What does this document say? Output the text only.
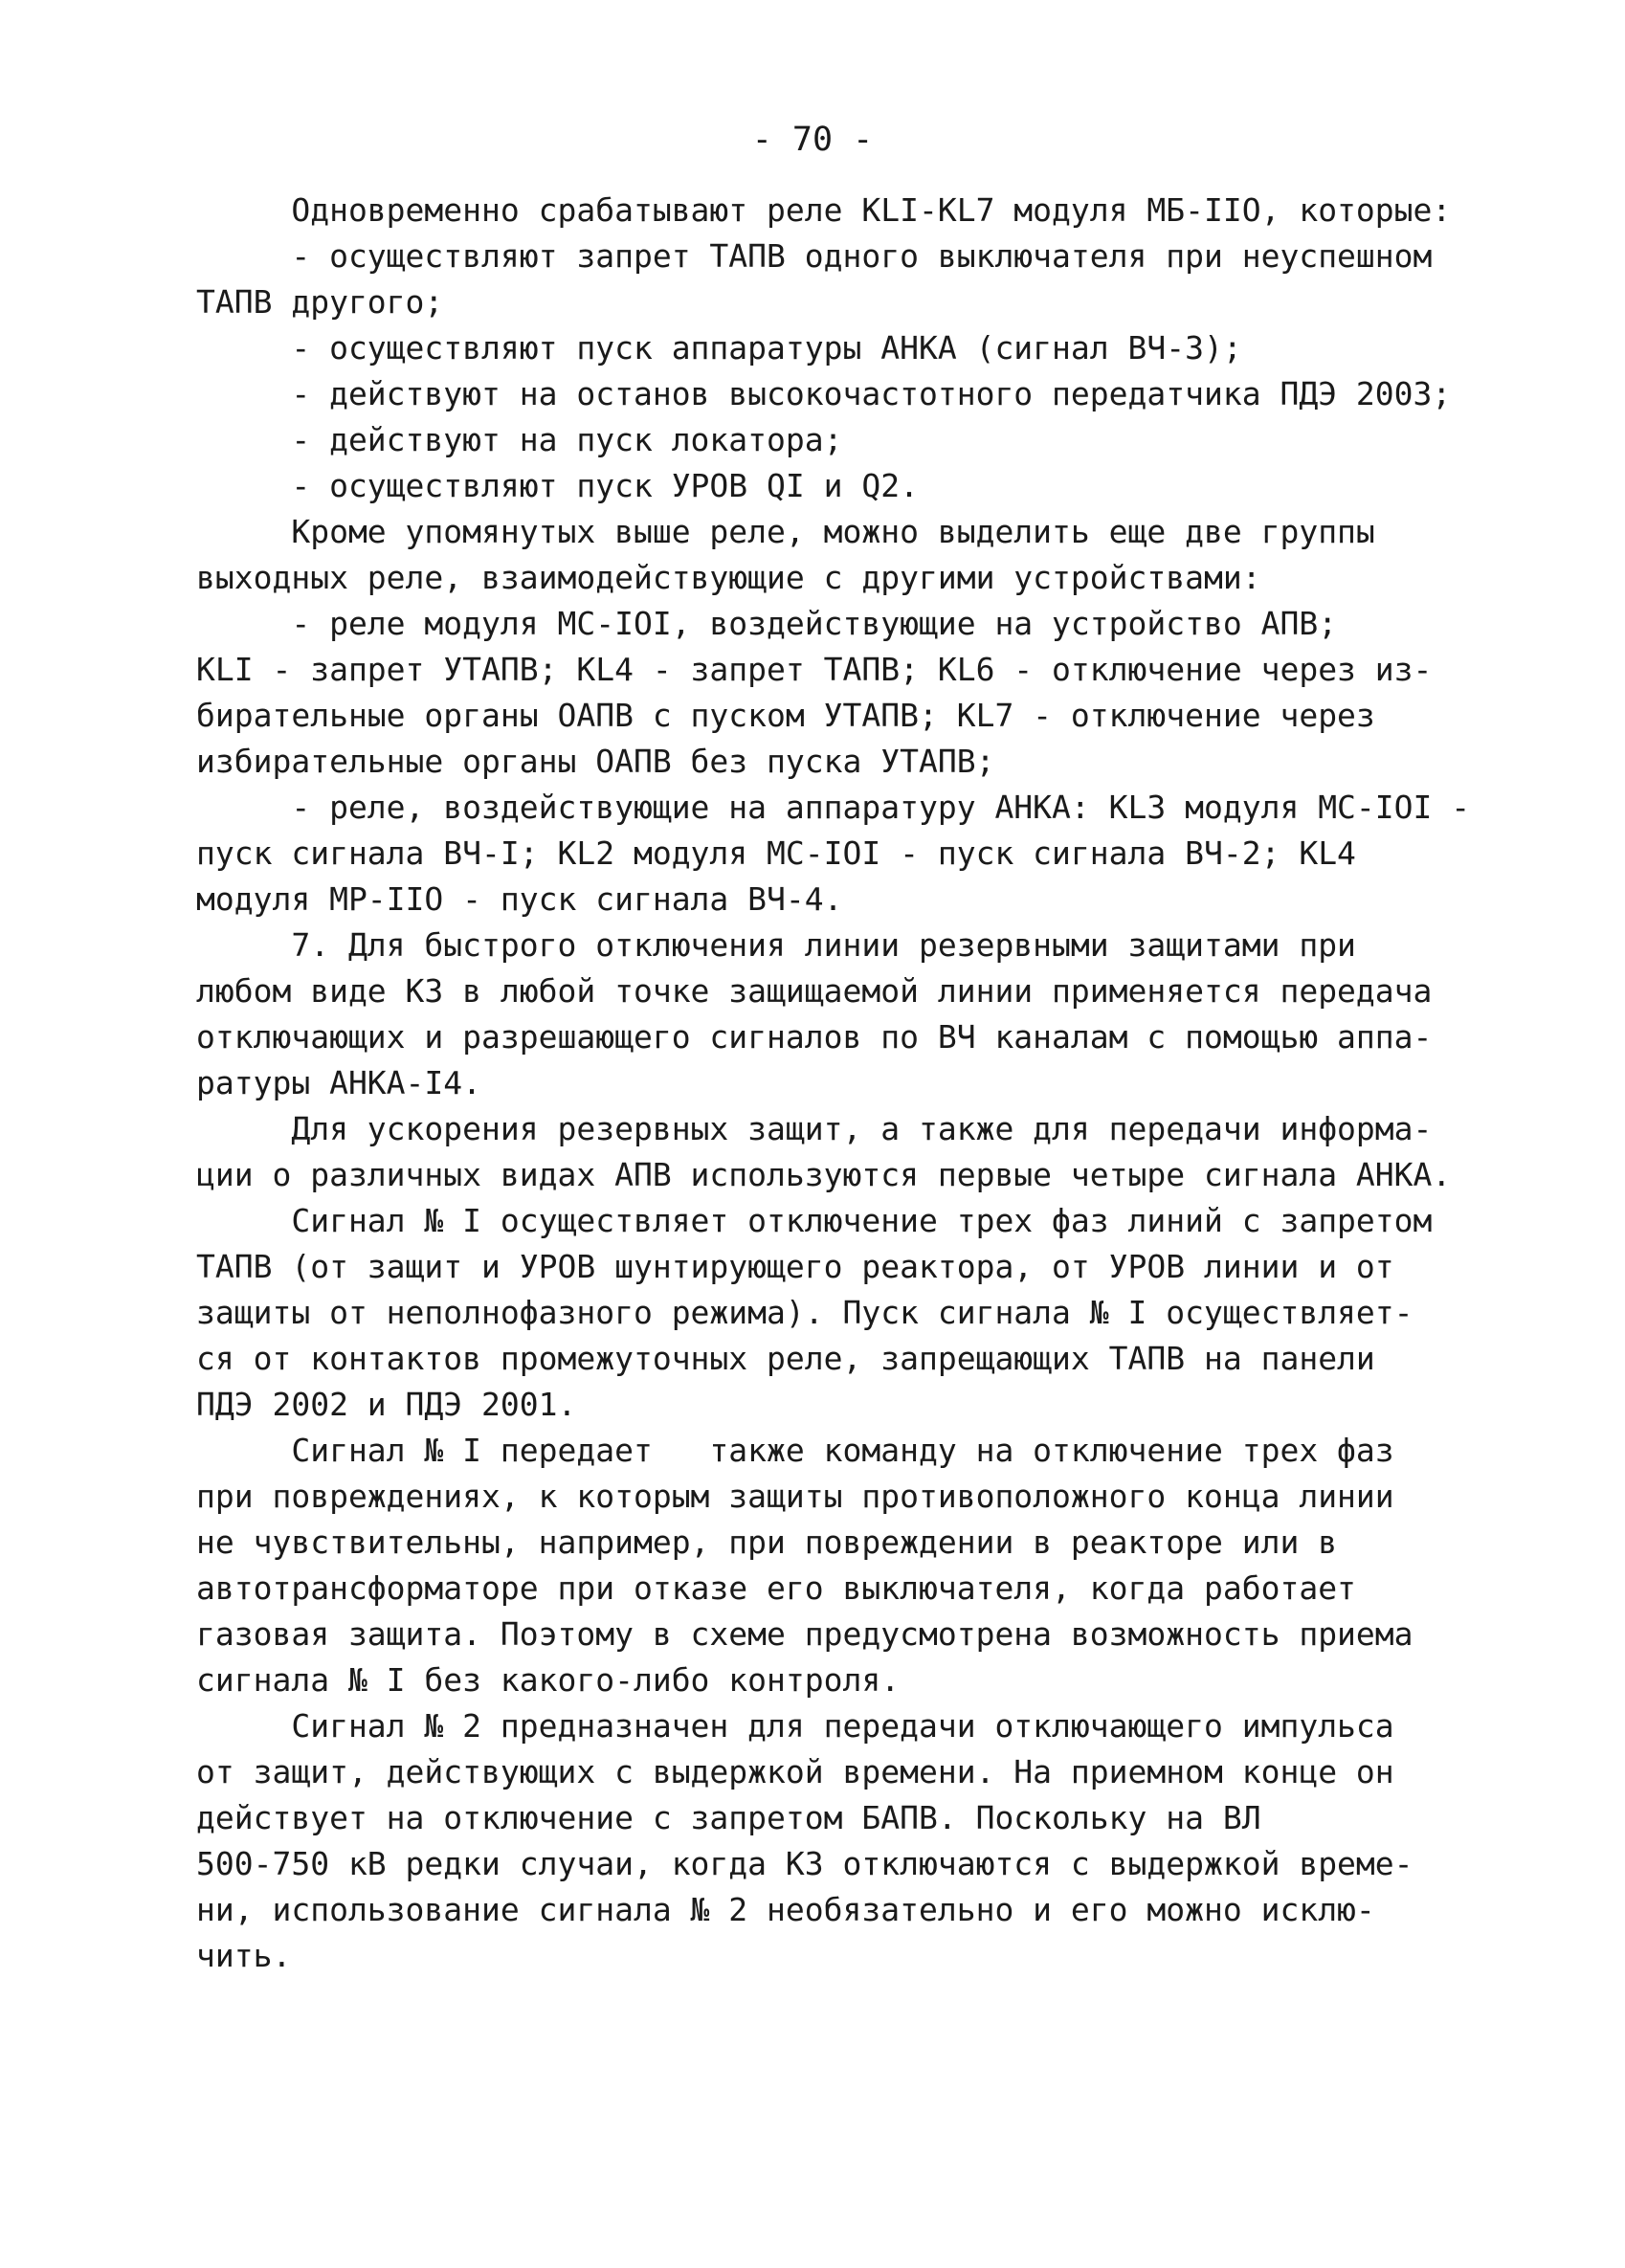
- 70 -
Одновременно срабатывают реле KLI-KL7 модуля МБ-IIO, которые:
- осуществляют запрет ТАПВ одного выключателя при неуспешном
ТАПВ другого;
- осуществляют пуск аппаратуры АНКА (сигнал ВЧ-3);
- действуют на останов высокочастотного передатчика ПДЭ 2003;
- действуют на пуск локатора;
- осуществляют пуск УРОВ QI и Q2.
Кроме упомянутых выше реле, можно выделить еще две группы
выходных реле, взаимодействующие с другими устройствами:
- реле модуля МС-IOI, воздействующие на устройство АПВ;
KLI - запрет УТАПВ; KL4 - запрет ТАПВ; KL6 - отключение через из-
бирательные органы ОАПВ с пуском УТАПВ; KL7 - отключение через
избирательные органы ОАПВ без пуска УТАПВ;
- реле, воздействующие на аппаратуру АНКА: KL3 модуля МС-IOI -
пуск сигнала ВЧ-I; KL2 модуля МС-IOI - пуск сигнала ВЧ-2; KL4
модуля МР-IIO - пуск сигнала ВЧ-4.
7. Для быстрого отключения линии резервными защитами при
любом виде КЗ в любой точке защищаемой линии применяется передача
отключающих и разрешающего сигналов по ВЧ каналам с помощью аппа-
ратуры АНКА-I4.
Для ускорения резервных защит, а также для передачи информа-
ции о различных видах АПВ используются первые четыре сигнала АНКА.
Сигнал № I осуществляет отключение трех фаз линий с запретом
ТАПВ (от защит и УРОВ шунтирующего реактора, от УРОВ линии и от
защиты от неполнофазного режима). Пуск сигнала № I осуществляет-
ся от контактов промежуточных реле, запрещающих ТАПВ на панели
ПДЭ 2002 и ПДЭ 2001.
Сигнал № I передает   также команду на отключение трех фаз
при повреждениях, к которым защиты противоположного конца линии
не чувствительны, например, при повреждении в реакторе или в
автотрансформаторе при отказе его выключателя, когда работает
газовая защита. Поэтому в схеме предусмотрена возможность приема
сигнала № I без какого-либо контроля.
Сигнал № 2 предназначен для передачи отключающего импульса
от защит, действующих с выдержкой времени. На приемном конце он
действует на отключение с запретом БАПВ. Поскольку на ВЛ
500-750 кВ редки случаи, когда КЗ отключаются с выдержкой време-
ни, использование сигнала № 2 необязательно и его можно исклю-
чить.
